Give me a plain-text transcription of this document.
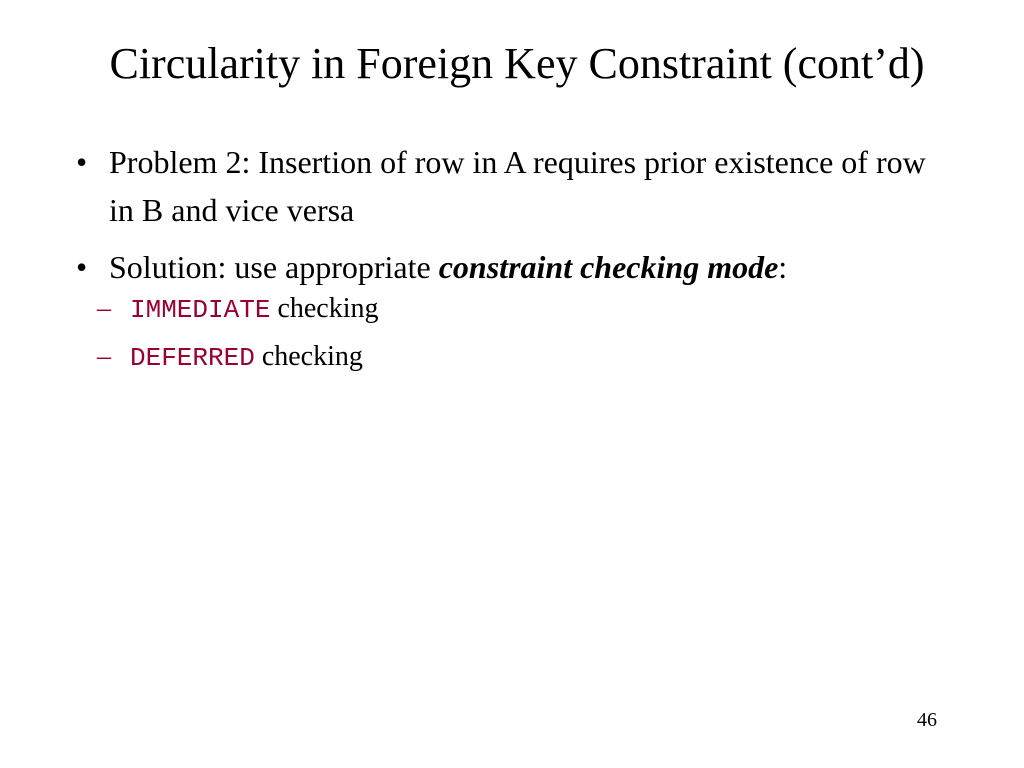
Circularity in Foreign Key Constraint (cont’d)
• Problem 2: Insertion of row in A requires prior existence of row in B and vice versa
• Solution: use appropriate constraint checking mode:
– IMMEDIATE checking
– DEFERRED checking
46
